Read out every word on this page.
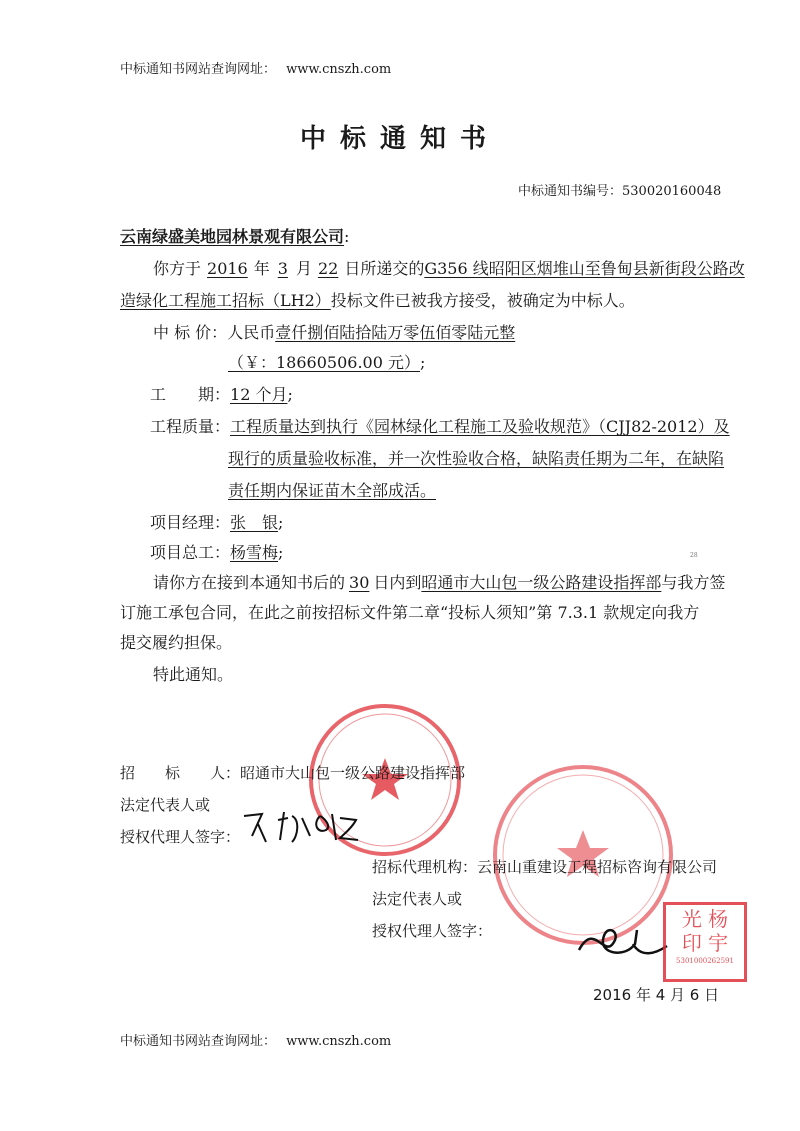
中标通知书网站查询网址： www.cnszh.com
中标通知书
中标通知书编号：530020160048
云南绿盛美地园林景观有限公司:
你方于 2016 年 3 月 22 日所递交的G356 线昭阳区烟堆山至鲁甸县新街段公路改
造绿化工程施工招标（LH2）投标文件已被我方接受，被确定为中标人。
中 标 价：人民币壹仟捌佰陆拾陆万零伍佰零陆元整
（￥：18660506.00 元）;
工　　期：12 个月;
工程质量：工程质量达到执行《园林绿化工程施工及验收规范》（CJJ82-2012）及
现行的质量验收标准，并一次性验收合格，缺陷责任期为二年，在缺陷
责任期内保证苗木全部成活。
项目经理：张　银;
项目总工：杨雪梅;	28
请你方在接到本通知书后的 30 日内到昭通市大山包一级公路建设指挥部与我方签
订施工承包合同，在此之前按招标文件第二章“投标人须知”第 7.3.1 款规定向我方
提交履约担保。
特此通知。
招　　标　　人：昭通市大山包一级公路建设指挥部
法定代表人或
授权代理人签字：
招标代理机构：云南山重建设工程招标咨询有限公司
法定代表人或
授权代理人签字：	光 杨
印 宇
5301000262591
2016 年 4 月 6 日
中标通知书网站查询网址： www.cnszh.com
